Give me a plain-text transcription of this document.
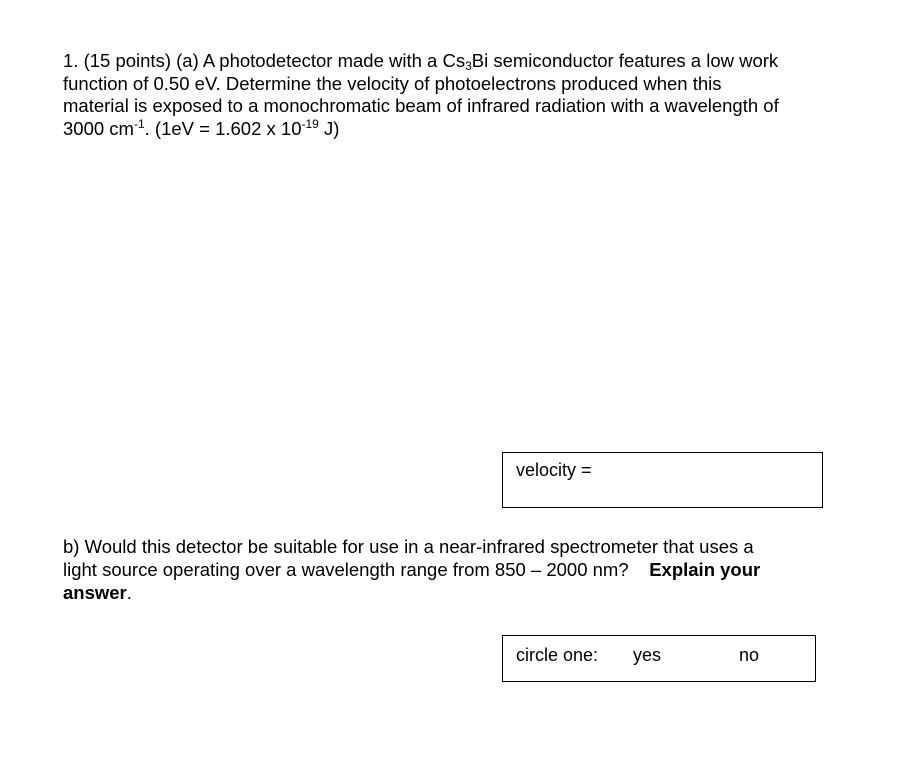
1. (15 points) (a) A photodetector made with a $Cs_3Bi$ semiconductor features a low work
function of 0.50 eV. Determine the velocity of photoelectrons produced when this
material is exposed to a monochromatic beam of infrared radiation with a wavelength of
3000 $cm^{-1}$. (1eV = 1.602 x $10^{-19}$ J)
velocity =
b) Would this detector be suitable for use in a near-infrared spectrometer that uses a
light source operating over a wavelength range from 850 – 2000 nm? Explain your
answer.
circle one: yes	no
